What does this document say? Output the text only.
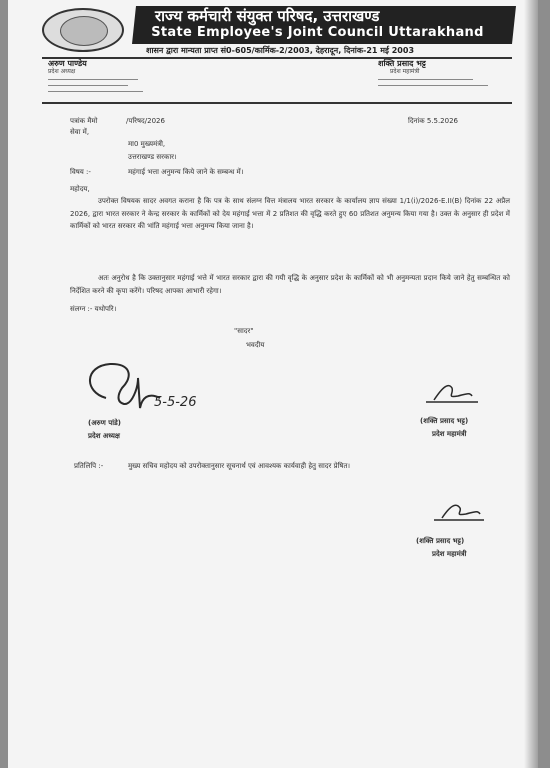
राज्य कर्मचारी संयुक्त परिषद, उत्तराखण्ड
State Employee's Joint Council Uttarakhand
शासन द्वारा मान्यता प्राप्त सं0-605/कार्मिक-2/2003, देहरादून, दिनांक-21 मई 2003
अरुण पाण्डेय
प्रदेश अध्यक्ष
शक्ति प्रसाद भट्ट
प्रदेश महामंत्री
पत्रांक मैमो	/परिषद/2026	दिनांक 5.5.2026
सेवा में,
मा0 मुख्यमंत्री,
उत्तराखण्ड सरकार।
विषय :-	महंगाई भत्ता अनुमन्य किये जाने के सम्बन्ध में।
महोदय,

उपरोक्त विषयक सादर अवगत कराना है कि पत्र के साथ संलग्न वित्त मंत्रालय भारत सरकार के कार्यालय ज्ञाप संख्या 1/1(i)/2026-E.II(B) दिनांक 22 अप्रैल 2026, द्वारा भारत सरकार ने केन्द्र सरकार के कार्मिकों को देय महंगाई भत्ता में 2 प्रतिशत की वृद्धि करते हुए 60 प्रतिशत अनुमन्य किया गया है। उक्त के अनुसार ही प्रदेश में कार्मिकों को भारत सरकार की भांति महंगाई भत्ता अनुमन्य किया जाना है।

अतः अनुरोध है कि उक्तानुसार महंगाई भत्ते में भारत सरकार द्वारा की गयी वृद्धि के अनुसार प्रदेश के कार्मिकों को भी अनुमन्यता प्रदान किये जाने हेतु सम्बन्धित को निर्देशित करने की कृपा करेंगे। परिषद आपका आभारी रहेगा।

संलग्न :- यथोपरि।
"सादर"
भवदीय
5-5-26
(अरुण पांडे)
प्रदेश अध्यक्ष
(शक्ति प्रसाद भट्ट)
प्रदेश महामंत्री
प्रतिलिपि :-	मुख्य सचिव महोदय को उपरोक्तानुसार सूचनार्थ एवं आवश्यक कार्यवाही हेतु सादर प्रेषित।
(शक्ति प्रसाद भट्ट)
प्रदेश महामंत्री
